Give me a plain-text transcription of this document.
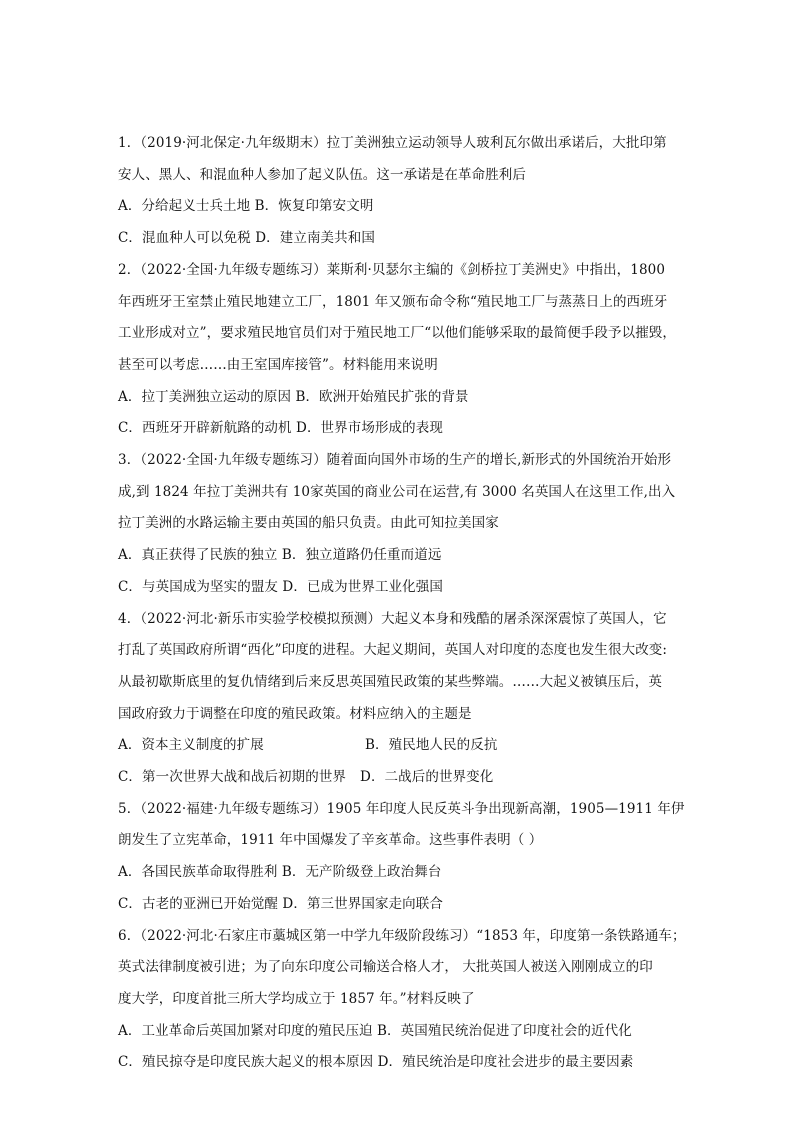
1．（2019·河北保定·九年级期末）拉丁美洲独立运动领导人玻利瓦尔做出承诺后，大批印第
安人、黑人、和混血种人参加了起义队伍。这一承诺是在革命胜利后
A．分给起义士兵土地 B．恢复印第安文明
C．混血种人可以免税 D．建立南美共和国
2．（2022·全国·九年级专题练习）莱斯利·贝瑟尔主编的《剑桥拉丁美洲史》中指出，1800
年西班牙王室禁止殖民地建立工厂，1801 年又颁布命令称“殖民地工厂与蒸蒸日上的西班牙
工业形成对立”，要求殖民地官员们对于殖民地工厂“以他们能够采取的最简便手段予以摧毁，
甚至可以考虑……由王室国库接管”。材料能用来说明
A．拉丁美洲独立运动的原因 B．欧洲开始殖民扩张的背景
C．西班牙开辟新航路的动机 D．世界市场形成的表现
3．（2022·全国·九年级专题练习）随着面向国外市场的生产的增长,新形式的外国统治开始形
成,到 1824 年拉丁美洲共有 10家英国的商业公司在运营,有 3000 名英国人在这里工作,出入
拉丁美洲的水路运输主要由英国的船只负责。由此可知拉美国家
A．真正获得了民族的独立 B．独立道路仍任重而道远
C．与英国成为坚实的盟友 D．已成为世界工业化强国
4．（2022·河北·新乐市实验学校模拟预测）大起义本身和残酷的屠杀深深震惊了英国人，它
打乱了英国政府所谓“西化”印度的进程。大起义期间，英国人对印度的态度也发生很大改变:
从最初歇斯底里的复仇情绪到后来反思英国殖民政策的某些弊端。……大起义被镇压后，英
国政府致力于调整在印度的殖民政策。材料应纳入的主题是
A．资本主义制度的扩展	B．殖民地人民的反抗
C．第一次世界大战和战后初期的世界 D．二战后的世界变化
5．（2022·福建·九年级专题练习）1905 年印度人民反英斗争出现新高潮，1905—1911 年伊
朗发生了立宪革命，1911 年中国爆发了辛亥革命。这些事件表明（ ）
A．各国民族革命取得胜利 B．无产阶级登上政治舞台
C．古老的亚洲已开始觉醒 D．第三世界国家走向联合
6．（2022·河北·石家庄市藁城区第一中学九年级阶段练习）“1853 年，印度第一条铁路通车；
英式法律制度被引进；为了向东印度公司输送合格人才， 大批英国人被送入刚刚成立的印
度大学，印度首批三所大学均成立于 1857 年。”材料反映了
A．工业革命后英国加紧对印度的殖民压迫 B．英国殖民统治促进了印度社会的近代化
C．殖民掠夺是印度民族大起义的根本原因 D．殖民统治是印度社会进步的最主要因素
